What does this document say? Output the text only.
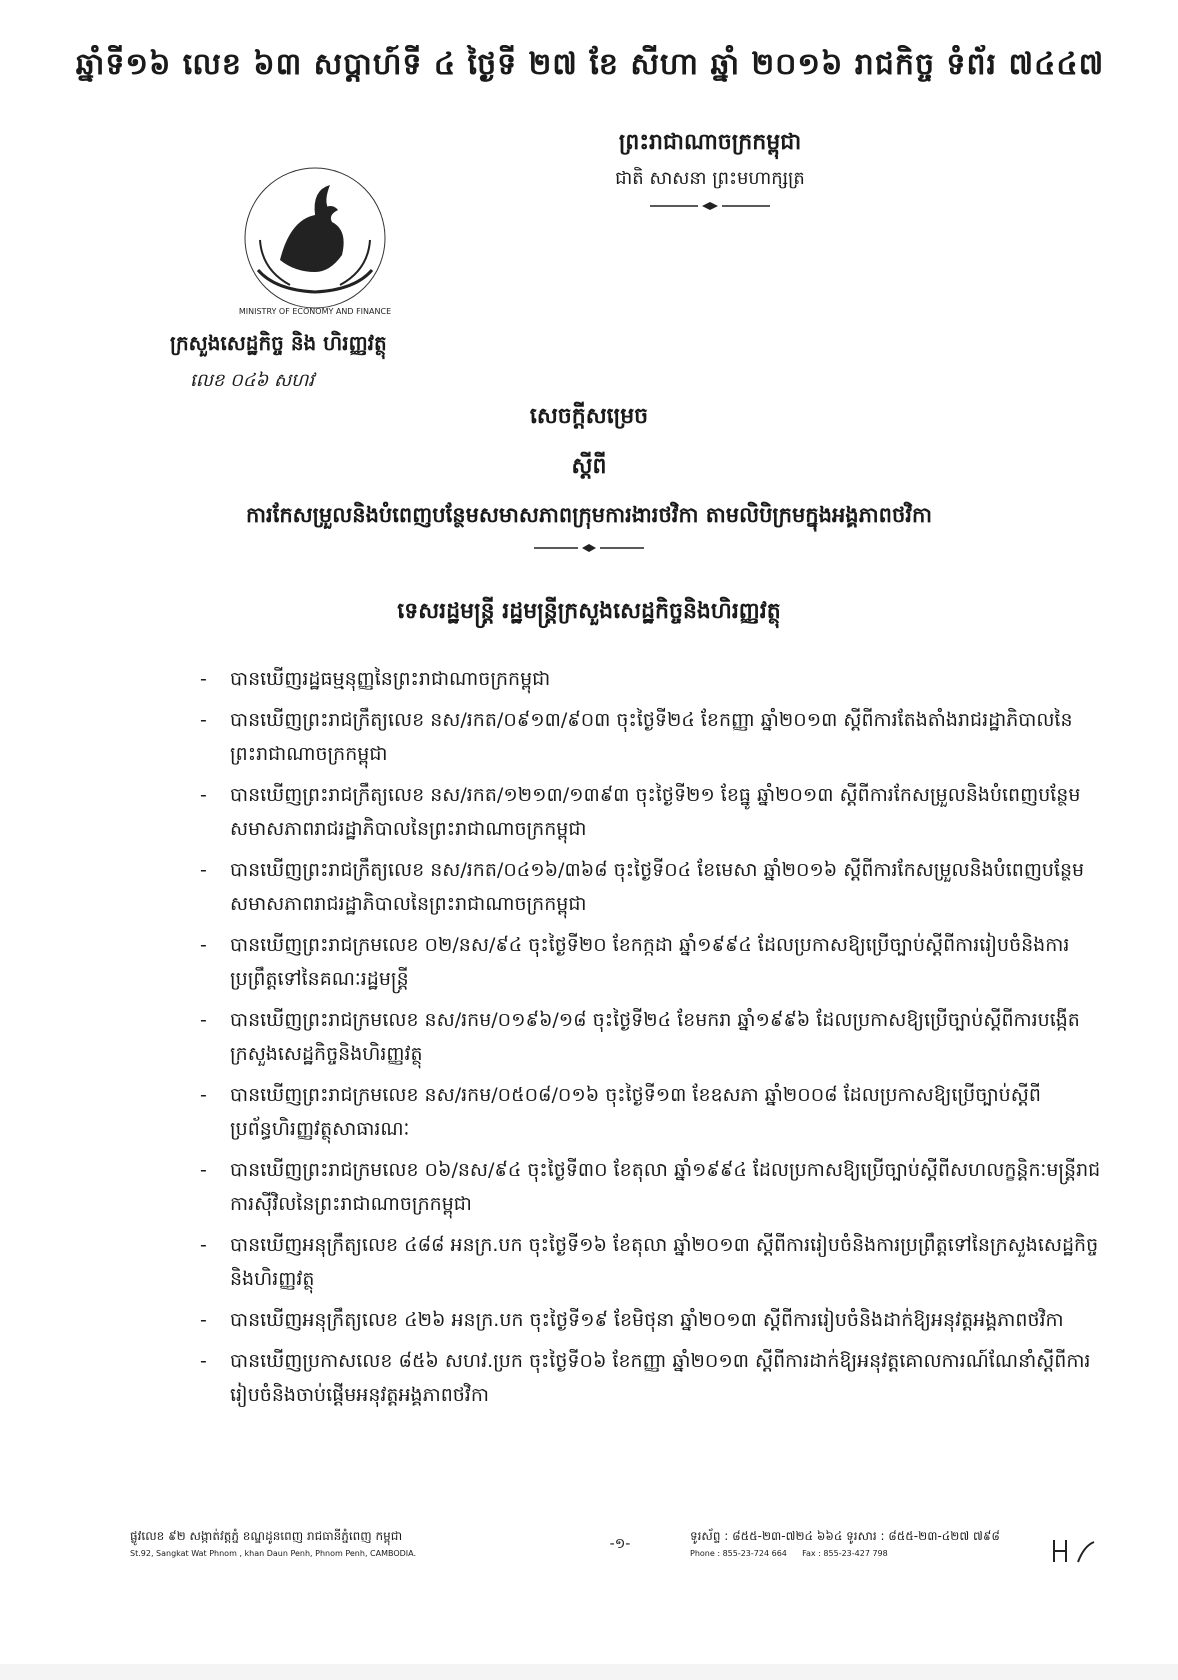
ឆ្នាំទី១៦ លេខ ៦៣ សប្តាហ៍ទី ៤ ថ្ងៃទី ២៧ ខែ សីហា ឆ្នាំ ២០១៦ រាជកិច្ច ទំព័រ ៧៤៤៧
ព្រះរាជាណាចក្រកម្ពុជា
ជាតិ សាសនា ព្រះមហាក្សត្រ
MINISTRY OF ECONOMY AND FINANCE
ក្រសួងសេដ្ឋកិច្ច និង ហិរញ្ញវត្ថុ
លេខ ០៤៦ សហវ
សេចក្តីសម្រេច
ស្តីពី
ការកែសម្រួលនិងបំពេញបន្ថែមសមាសភាពក្រុមការងារថវិកា តាមលិបិក្រមក្នុងអង្គភាពថវិកា
ទេសរដ្ឋមន្ត្រី រដ្ឋមន្ត្រីក្រសួងសេដ្ឋកិច្ចនិងហិរញ្ញវត្ថុ
- បានឃើញរដ្ឋធម្មនុញ្ញនៃព្រះរាជាណាចក្រកម្ពុជា
- បានឃើញព្រះរាជក្រឹត្យលេខ នស/រកត/០៩១៣/៩០៣ ចុះថ្ងៃទី២៤ ខែកញ្ញា ឆ្នាំ២០១៣ ស្តីពីការតែងតាំងរាជរដ្ឋាភិបាលនៃព្រះរាជាណាចក្រកម្ពុជា
- បានឃើញព្រះរាជក្រឹត្យលេខ នស/រកត/១២១៣/១៣៩៣ ចុះថ្ងៃទី២១ ខែធ្នូ ឆ្នាំ២០១៣ ស្តីពីការកែសម្រួលនិងបំពេញបន្ថែមសមាសភាពរាជរដ្ឋាភិបាលនៃព្រះរាជាណាចក្រកម្ពុជា
- បានឃើញព្រះរាជក្រឹត្យលេខ នស/រកត/០៤១៦/៣៦៨ ចុះថ្ងៃទី០៤ ខែមេសា ឆ្នាំ២០១៦ ស្តីពីការកែសម្រួលនិងបំពេញបន្ថែមសមាសភាពរាជរដ្ឋាភិបាលនៃព្រះរាជាណាចក្រកម្ពុជា
- បានឃើញព្រះរាជក្រមលេខ ០២/នស/៩៤ ចុះថ្ងៃទី២០ ខែកក្កដា ឆ្នាំ១៩៩៤ ដែលប្រកាសឱ្យប្រើច្បាប់ស្តីពីការរៀបចំនិងការប្រព្រឹត្តទៅនៃគណៈរដ្ឋមន្ត្រី
- បានឃើញព្រះរាជក្រមលេខ នស/រកម/០១៩៦/១៨ ចុះថ្ងៃទី២៤ ខែមករា ឆ្នាំ១៩៩៦ ដែលប្រកាសឱ្យប្រើច្បាប់ស្តីពីការបង្កើតក្រសួងសេដ្ឋកិច្ចនិងហិរញ្ញវត្ថុ
- បានឃើញព្រះរាជក្រមលេខ នស/រកម/០៥០៨/០១៦ ចុះថ្ងៃទី១៣ ខែឧសភា ឆ្នាំ២០០៨ ដែលប្រកាសឱ្យប្រើច្បាប់ស្តីពីប្រព័ន្ធហិរញ្ញវត្ថុសាធារណៈ
- បានឃើញព្រះរាជក្រមលេខ ០៦/នស/៩៤ ចុះថ្ងៃទី៣០ ខែតុលា ឆ្នាំ១៩៩៤ ដែលប្រកាសឱ្យប្រើច្បាប់ស្តីពីសហលក្ខន្តិកៈមន្ត្រីរាជការស៊ីវិលនៃព្រះរាជាណាចក្រកម្ពុជា
- បានឃើញអនុក្រឹត្យលេខ ៤៨៨ អនក្រ.បក ចុះថ្ងៃទី១៦ ខែតុលា ឆ្នាំ២០១៣ ស្តីពីការរៀបចំនិងការប្រព្រឹត្តទៅនៃក្រសួងសេដ្ឋកិច្ចនិងហិរញ្ញវត្ថុ
- បានឃើញអនុក្រឹត្យលេខ ៤២៦ អនក្រ.បក ចុះថ្ងៃទី១៩ ខែមិថុនា ឆ្នាំ២០១៣ ស្តីពីការរៀបចំនិងដាក់ឱ្យអនុវត្តអង្គភាពថវិកា
- បានឃើញប្រកាសលេខ ៨៥៦ សហវ.ប្រក ចុះថ្ងៃទី០៦ ខែកញ្ញា ឆ្នាំ២០១៣ ស្តីពីការដាក់ឱ្យអនុវត្តគោលការណ៍ណែនាំស្តីពីការរៀបចំនិងចាប់ផ្តើមអនុវត្តអង្គភាពថវិកា
ផ្លូវលេខ ៩២ សង្កាត់វត្តភ្នំ ខណ្ឌដូនពេញ រាជធានីភ្នំពេញ កម្ពុជា
St.92, Sangkat Wat Phnom , khan Daun Penh, Phnom Penh, CAMBODIA.
-១-	ទូរស័ព្ទ : ៨៥៥-២៣-៧២៤ ៦៦៤ ទូរសារ : ៨៥៥-២៣-៤២៧ ៧៩៨
Phone : 855-23-724 664 Fax : 855-23-427 798
